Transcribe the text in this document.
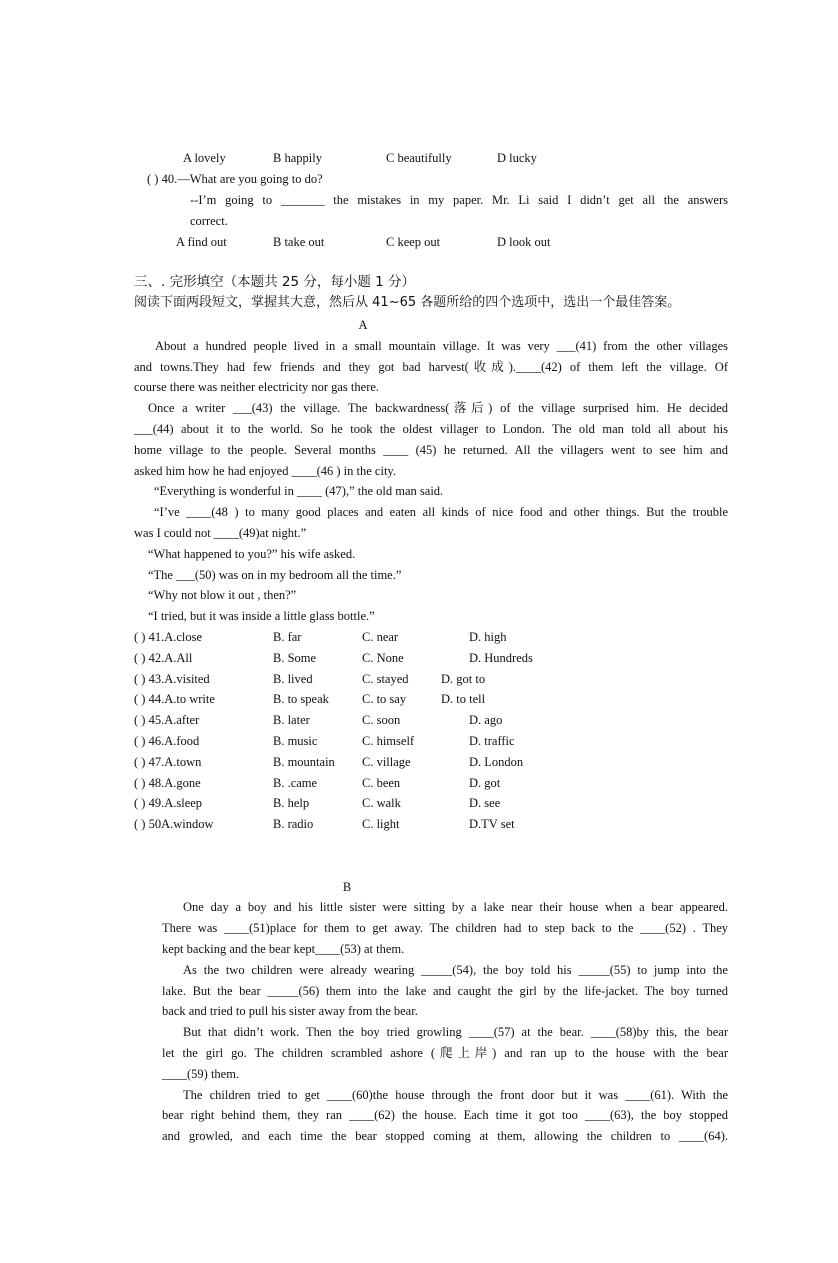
A lovely	B happily	C beautifully	D lucky
( ) 40.—What are you going to do?
--I’m going to _______ the mistakes in my paper. Mr. Li said I didn’t get all the answers
correct.
A find out	B take out	C keep out	D look out
三、. 完形填空（本题共 25 分，每小题 1 分）
阅读下面两段短文，掌握其大意，然后从 41~65 各题所给的四个选项中，选出一个最佳答案。
A
About a hundred people lived in a small mountain village. It was very ___(41) from the other villages
and towns.They had few friends and they got bad harvest(收成).____(42) of them left the village. Of
course there was neither electricity nor gas there.
Once a writer ___(43) the village. The backwardness(落后) of the village surprised him. He decided
___(44) about it to the world. So he took the oldest villager to London. The old man told all about his
home village to the people. Several months ____ (45) he returned. All the villagers went to see him and
asked him how he had enjoyed ____(46 ) in the city.
“Everything is wonderful in ____ (47),” the old man said.
“I’ve ____(48 ) to many good places and eaten all kinds of nice food and other things. But the trouble
was I could not ____(49)at night.”
“What happened to you?” his wife asked.
“The ___(50) was on in my bedroom all the time.”
“Why not blow it out , then?”
“I tried, but it was inside a little glass bottle.”
( ) 41.A.close	B. far	C. near	D. high
( ) 42.A.All	B. Some	C. None	D. Hundreds
( ) 43.A.visited	B. lived	C. stayed	D. got to
( ) 44.A.to write	B. to speak	C. to say	D. to tell
( ) 45.A.after	B. later	C. soon	D. ago
( ) 46.A.food	B. music	C. himself	D. traffic
( ) 47.A.town	B. mountain C. village	D. London
( ) 48.A.gone	B. .came	C. been	D. got
( ) 49.A.sleep	B. help	C. walk	D. see
( ) 50A.window	B. radio	C. light	D.TV set
B
One day a boy and his little sister were sitting by a lake near their house when a bear appeared.
There was ____(51)place for them to get away. The children had to step back to the ____(52) . They
kept backing and the bear kept____(53) at them.
As the two children were already wearing _____(54), the boy told his _____(55) to jump into the
lake. But the bear _____(56) them into the lake and caught the girl by the life-jacket. The boy turned
back and tried to pull his sister away from the bear.
But that didn’t work. Then the boy tried growling ____(57) at the bear. ____(58)by this, the bear
let the girl go. The children scrambled ashore (爬上岸) and ran up to the house with the bear
____(59) them.
The children tried to get ____(60)the house through the front door but it was ____(61). With the
bear right behind them, they ran ____(62) the house. Each time it got too ____(63), the boy stopped
and growled, and each time the bear stopped coming at them, allowing the children to ____(64).
